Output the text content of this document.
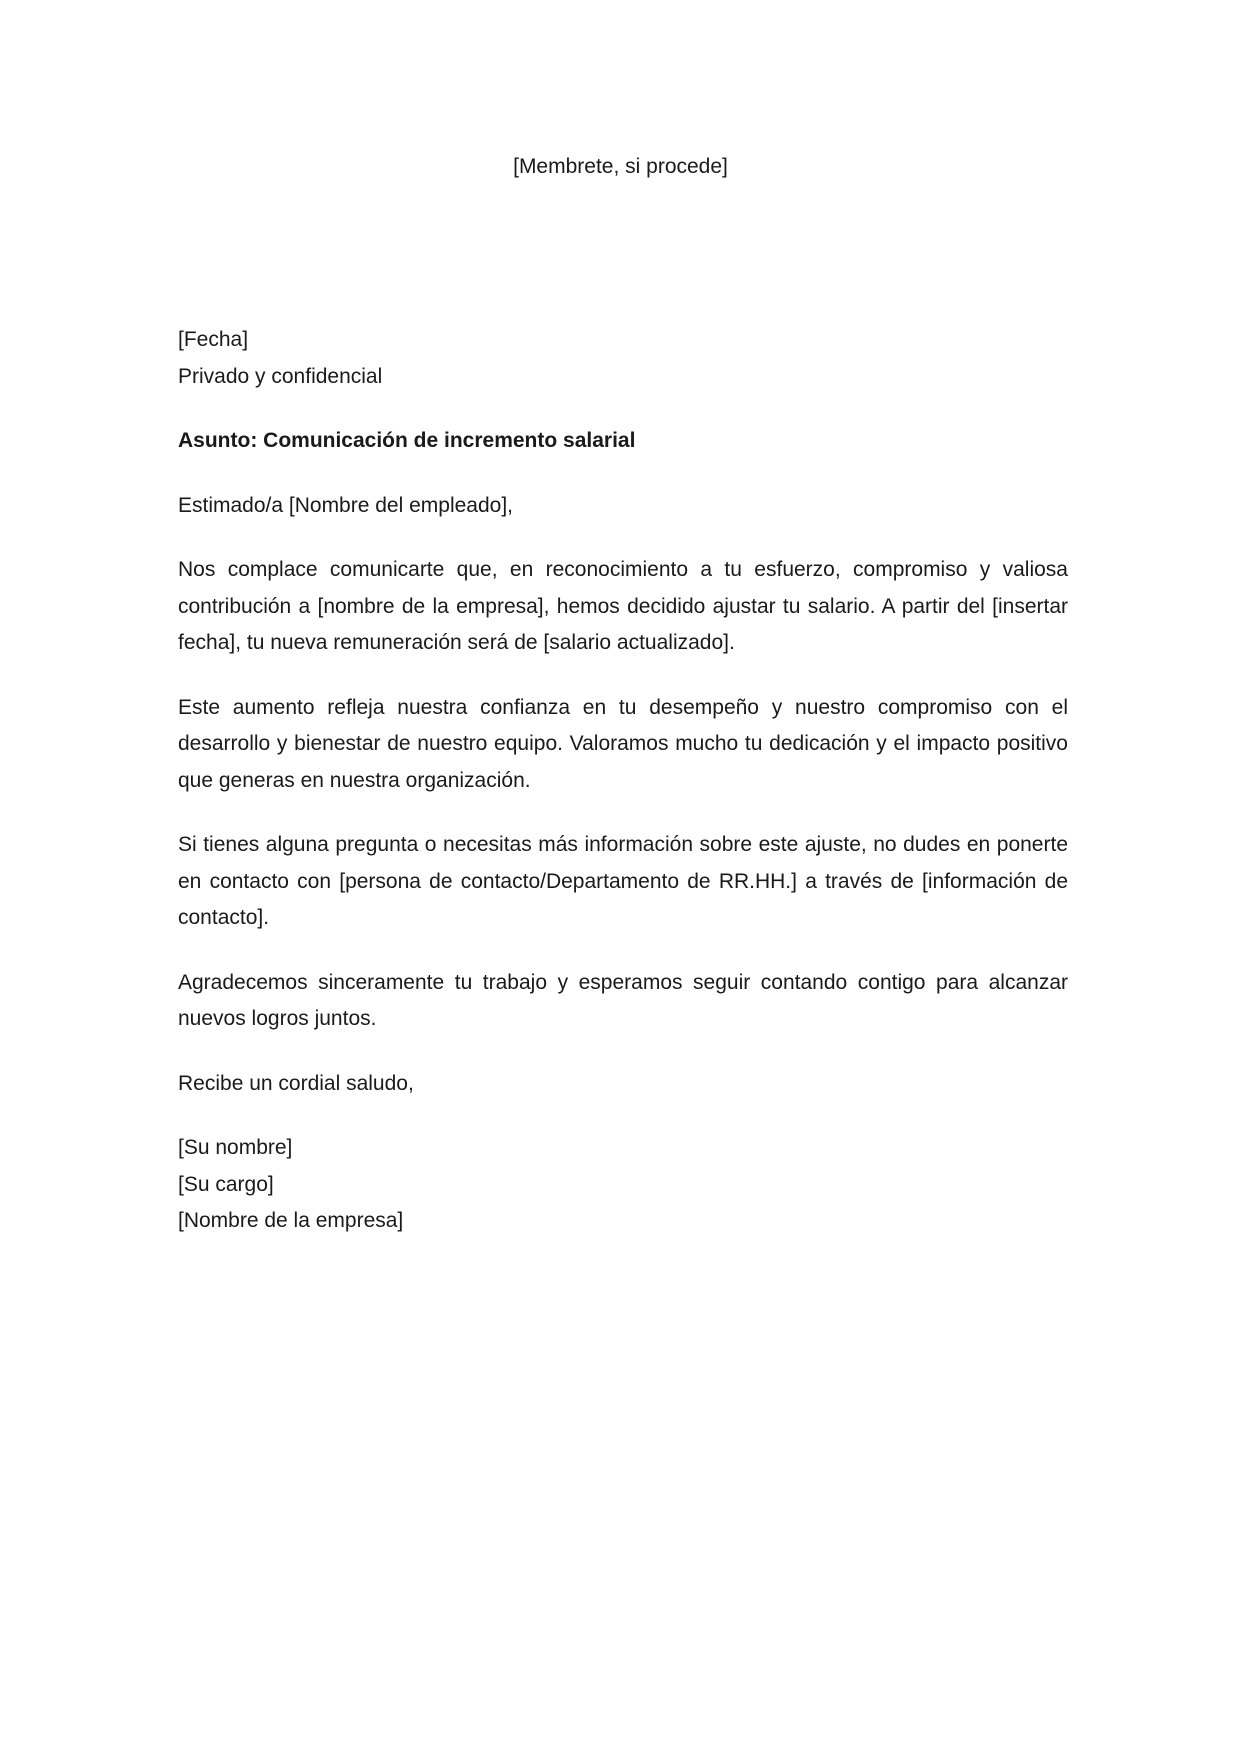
[Membrete, si procede]

[Fecha]

Privado y confidencial

Asunto: Comunicación de incremento salarial

Estimado/a [Nombre del empleado],

Nos complace comunicarte que, en reconocimiento a tu esfuerzo, compromiso y valiosa contribución a [nombre de la empresa], hemos decidido ajustar tu salario. A partir del [insertar fecha], tu nueva remuneración será de [salario actualizado].

Este aumento refleja nuestra confianza en tu desempeño y nuestro compromiso con el desarrollo y bienestar de nuestro equipo. Valoramos mucho tu dedicación y el impacto positivo que generas en nuestra organización.

Si tienes alguna pregunta o necesitas más información sobre este ajuste, no dudes en ponerte en contacto con [persona de contacto/Departamento de RR.HH.] a través de [información de contacto].

Agradecemos sinceramente tu trabajo y esperamos seguir contando contigo para alcanzar nuevos logros juntos.

Recibe un cordial saludo,

[Su nombre]

[Su cargo]

[Nombre de la empresa]
